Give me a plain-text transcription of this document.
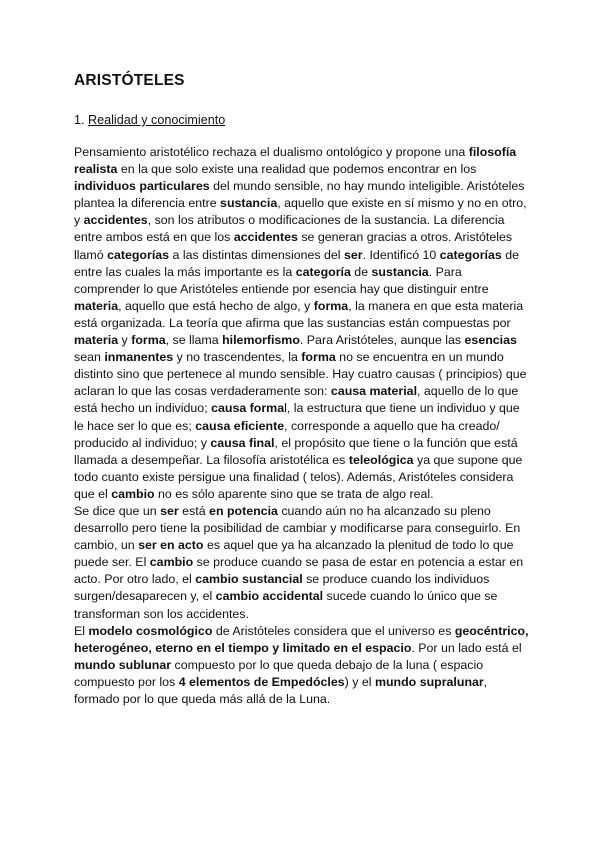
ARISTÓTELES
1. Realidad y conocimiento

Pensamiento aristotélico rechaza el dualismo ontológico y propone una filosofía realista en la que solo existe una realidad que podemos encontrar en los individuos particulares del mundo sensible, no hay mundo inteligible. Aristóteles plantea la diferencia entre sustancia, aquello que existe en sí mismo y no en otro, y accidentes, son los atributos o modificaciones de la sustancia. La diferencia entre ambos está en que los accidentes se generan gracias a otros. Aristóteles llamó categorías a las distintas dimensiones del ser. Identificó 10 categorías de entre las cuales la más importante es la categoría de sustancia. Para comprender lo que Aristóteles entiende por esencia hay que distinguir entre materia, aquello que está hecho de algo, y forma, la manera en que esta materia está organizada. La teoría que afirma que las sustancias están compuestas por materia y forma, se llama hilemorfismo. Para Aristóteles, aunque las esencias sean inmanentes y no trascendentes, la forma no se encuentra en un mundo distinto sino que pertenece al mundo sensible. Hay cuatro causas ( principios) que aclaran lo que las cosas verdaderamente son: causa material, aquello de lo que está hecho un individuo; causa formal, la estructura que tiene un individuo y que le hace ser lo que es; causa eficiente, corresponde a aquello que ha creado/ producido al individuo; y causa final, el propósito que tiene o la función que está llamada a desempeñar. La filosofía aristotélica es teleológica ya que supone que todo cuanto existe persigue una finalidad ( telos). Además, Aristóteles considera que el cambio no es sólo aparente sino que se trata de algo real.

Se dice que un ser está en potencia cuando aún no ha alcanzado su pleno desarrollo pero tiene la posibilidad de cambiar y modificarse para conseguirlo. En cambio, un ser en acto es aquel que ya ha alcanzado la plenitud de todo lo que puede ser. El cambio se produce cuando se pasa de estar en potencia a estar en acto. Por otro lado, el cambio sustancial se produce cuando los individuos surgen/desaparecen y, el cambio accidental sucede cuando lo único que se transforman son los accidentes.

El modelo cosmológico de Aristóteles considera que el universo es geocéntrico, heterogéneo, eterno en el tiempo y limitado en el espacio. Por un lado está el mundo sublunar compuesto por lo que queda debajo de la luna ( espacio compuesto por los 4 elementos de Empedócles) y el mundo supralunar, formado por lo que queda más allá de la Luna.
